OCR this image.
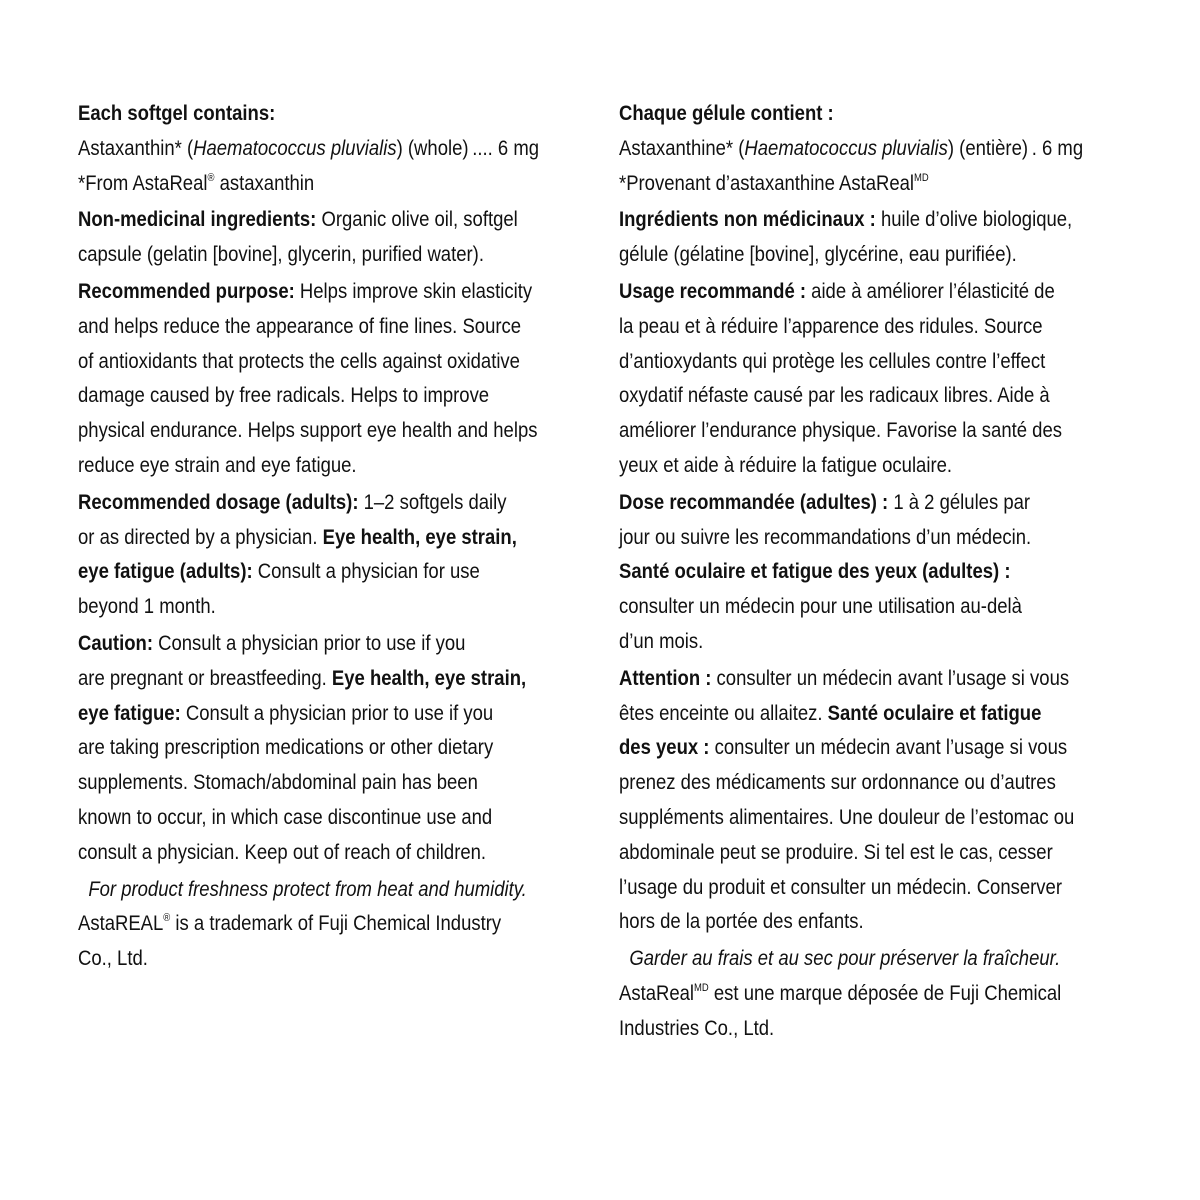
Each softgel contains:
Astaxanthin* (Haematococcus pluvialis) (whole) .... 6 mg
*From AstaReal® astaxanthin
Non-medicinal ingredients: Organic olive oil, softgel
capsule (gelatin [bovine], glycerin, purified water).
Recommended purpose: Helps improve skin elasticity
and helps reduce the appearance of fine lines. Source
of antioxidants that protects the cells against oxidative
damage caused by free radicals. Helps to improve
physical endurance. Helps support eye health and helps
reduce eye strain and eye fatigue.
Recommended dosage (adults): 1–2 softgels daily
or as directed by a physician. Eye health, eye strain,
eye fatigue (adults): Consult a physician for use
beyond 1 month.
Caution: Consult a physician prior to use if you
are pregnant or breastfeeding. Eye health, eye strain,
eye fatigue: Consult a physician prior to use if you
are taking prescription medications or other dietary
supplements. Stomach/abdominal pain has been
known to occur, in which case discontinue use and
consult a physician. Keep out of reach of children.
For product freshness protect from heat and humidity.
AstaREAL® is a trademark of Fuji Chemical Industry
Co., Ltd.
Chaque gélule contient :
Astaxanthine* (Haematococcus pluvialis) (entière) . 6 mg
*Provenant d’astaxanthine AstaReal$^{MD}$
Ingrédients non médicinaux : huile d’olive biologique,
gélule (gélatine [bovine], glycérine, eau purifiée).
Usage recommandé : aide à améliorer l’élasticité de
la peau et à réduire l’apparence des ridules. Source
d’antioxydants qui protège les cellules contre l’effect
oxydatif néfaste causé par les radicaux libres. Aide à
améliorer l’endurance physique. Favorise la santé des
yeux et aide à réduire la fatigue oculaire.
Dose recommandée (adultes) : 1 à 2 gélules par
jour ou suivre les recommandations d’un médecin.
Santé oculaire et fatigue des yeux (adultes) :
consulter un médecin pour une utilisation au-delà
d’un mois.
Attention : consulter un médecin avant l’usage si vous
êtes enceinte ou allaitez. Santé oculaire et fatigue
des yeux : consulter un médecin avant l’usage si vous
prenez des médicaments sur ordonnance ou d’autres
suppléments alimentaires. Une douleur de l’estomac ou
abdominale peut se produire. Si tel est le cas, cesser
l’usage du produit et consulter un médecin. Conserver
hors de la portée des enfants.
Garder au frais et au sec pour préserver la fraîcheur.
AstaReal$^{MD}$ est une marque déposée de Fuji Chemical
Industries Co., Ltd.
